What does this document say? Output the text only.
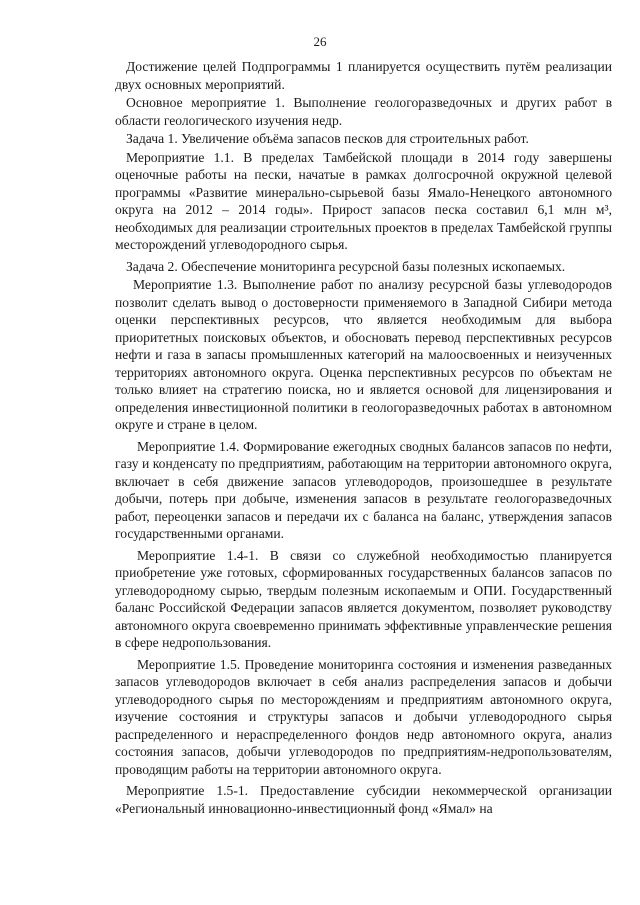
26

Достижение целей Подпрограммы 1 планируется осуществить путём реализации двух основных мероприятий.

Основное мероприятие 1. Выполнение геологоразведочных и других работ в области геологического изучения недр.

Задача 1. Увеличение объёма запасов песков для строительных работ.

Мероприятие 1.1. В пределах Тамбейской площади в 2014 году завершены оценочные работы на пески, начатые в рамках долгосрочной окружной целевой программы «Развитие минерально-сырьевой базы Ямало-Ненецкого автономного округа на 2012 – 2014 годы». Прирост запасов песка составил 6,1 млн м³, необходимых для реализации строительных проектов в пределах Тамбейской группы месторождений углеводородного сырья.

Задача 2. Обеспечение мониторинга ресурсной базы полезных ископаемых.

Мероприятие 1.3. Выполнение работ по анализу ресурсной базы углеводородов позволит сделать вывод о достоверности применяемого в Западной Сибири метода оценки перспективных ресурсов, что является необходимым для выбора приоритетных поисковых объектов, и обосновать перевод перспективных ресурсов нефти и газа в запасы промышленных категорий на малоосвоенных и неизученных территориях автономного округа. Оценка перспективных ресурсов по объектам не только влияет на стратегию поиска, но и является основой для лицензирования и определения инвестиционной политики в геологоразведочных работах в автономном округе и стране в целом.

Мероприятие 1.4. Формирование ежегодных сводных балансов запасов по нефти, газу и конденсату по предприятиям, работающим на территории автономного округа, включает в себя движение запасов углеводородов, произошедшее в результате добычи, потерь при добыче, изменения запасов в результате геологоразведочных работ, переоценки запасов и передачи их с баланса на баланс, утверждения запасов государственными органами.

Мероприятие 1.4-1. В связи со служебной необходимостью планируется приобретение уже готовых, сформированных государственных балансов запасов по углеводородному сырью, твердым полезным ископаемым и ОПИ. Государственный баланс Российской Федерации запасов является документом, позволяет руководству автономного округа своевременно принимать эффективные управленческие решения в сфере недропользования.

Мероприятие 1.5. Проведение мониторинга состояния и изменения разведанных запасов углеводородов включает в себя анализ распределения запасов и добычи углеводородного сырья по месторождениям и предприятиям автономного округа, изучение состояния и структуры запасов и добычи углеводородного сырья распределенного и нераспределенного фондов недр автономного округа, анализ состояния запасов, добычи углеводородов по предприятиям-недропользователям, проводящим работы на территории автономного округа.

Мероприятие 1.5-1. Предоставление субсидии некоммерческой организации «Региональный инновационно-инвестиционный фонд «Ямал» на
